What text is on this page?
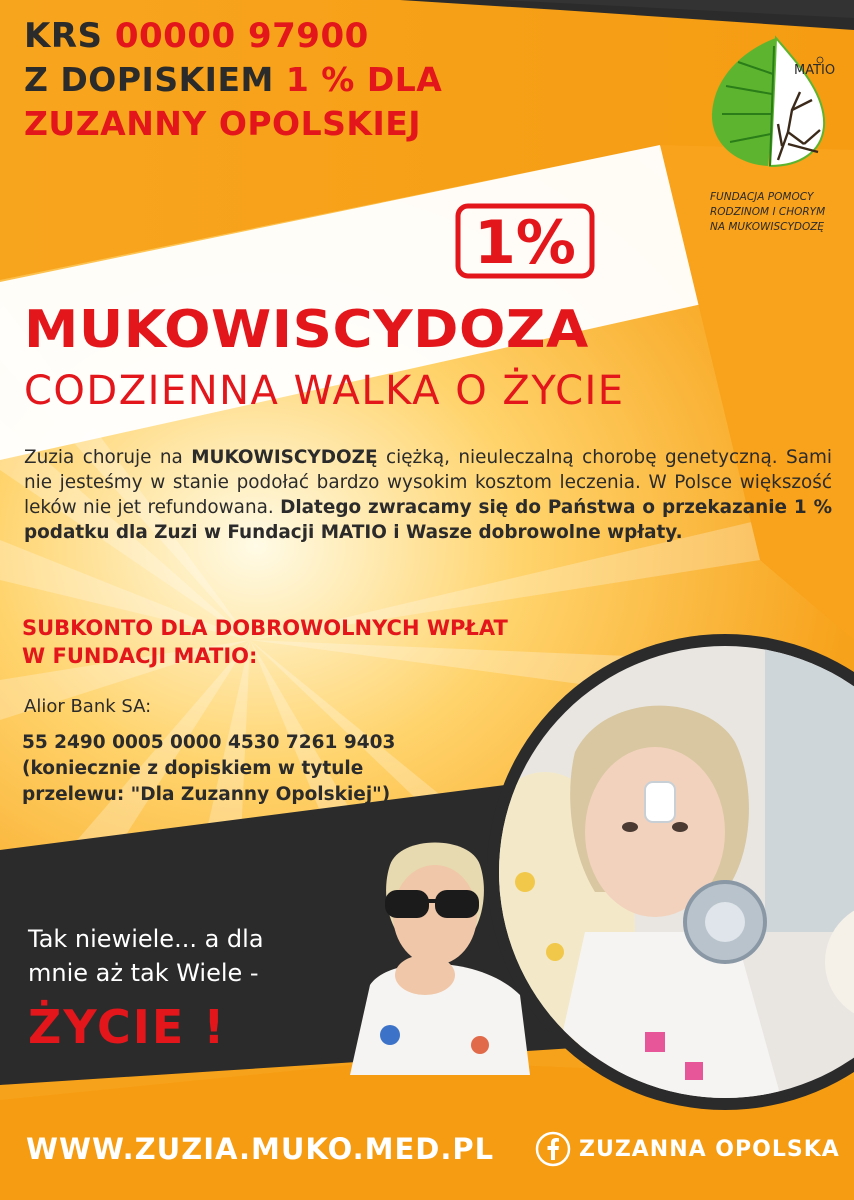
KRS 00000 97900
Z DOPISKIEM 1 % DLA
ZUZANNY OPOLSKIEJ
MATIO
FUNDACJA POMOCY
RODZINOM I CHORYM
NA MUKOWISCYDOZĘ
1%
MUKOWISCYDOZA
CODZIENNA WALKA O ŻYCIE
Zuzia choruje na MUKOWISCYDOZĘ ciężką, nieuleczalną chorobę genetyczną. Sami nie jesteśmy w stanie podołać bardzo wysokim kosztom leczenia. W Polsce większość leków nie jet refundowana. Dlatego zwracamy się do Państwa o przekazanie 1 % podatku dla Zuzi w Fundacji MATIO i Wasze dobrowolne wpłaty.
SUBKONTO DLA DOBROWOLNYCH WPŁAT
W FUNDACJI MATIO:
Alior Bank SA:
55 2490 0005 0000 4530 7261 9403
(koniecznie z dopiskiem w tytule
przelewu: "Dla Zuzanny Opolskiej")
Tak niewiele... a dla
mnie aż tak Wiele -
ŻYCIE !
WWW.ZUZIA.MUKO.MED.PL	ZUZANNA OPOLSKA
